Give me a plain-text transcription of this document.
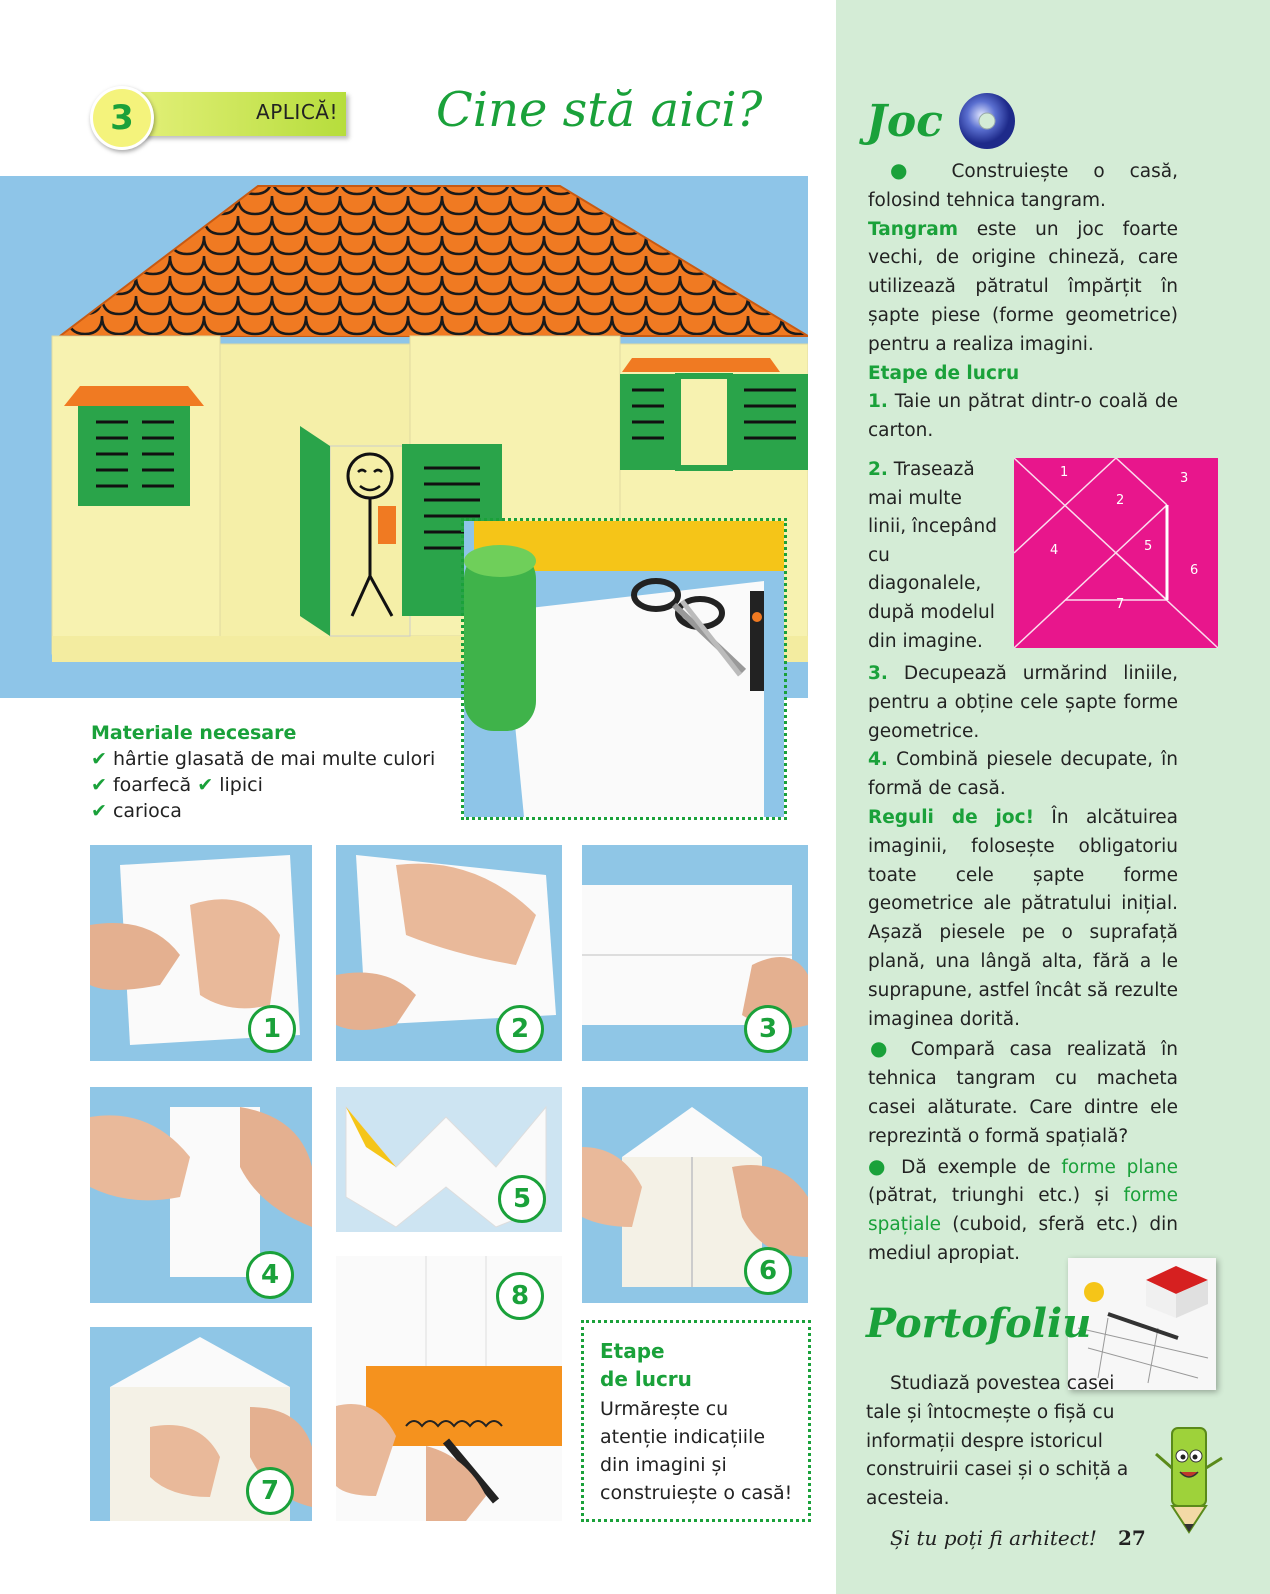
3	APLICĂ! Cine stă aici?
Materiale necesare
✔ hârtie glasată de mai multe culori ✔ foarfecă ✔ lipici
✔ carioca
1	2	3
4
5
6
7
8
Etape
de lucru
Urmărește cu atenție indicațiile din imagini și construiește o casă!
Joc
● Construiește o casă, folosind tehnica tangram.
Tangram este un joc foarte vechi, de origine chineză, care utilizează pătratul împărțit în șapte piese (forme geometrice) pentru a realiza imagini.
Etape de lucru
1. Taie un pătrat dintr-o coală de carton.
2. Trasează mai multe linii, începând cu diagonalele, după modelul din imagine.
1
2
3
4	5
6
7
3. Decupează urmărind liniile, pentru a obține cele șapte forme geometrice.
4. Combină piesele decupate, în formă de casă.
Reguli de joc! În alcătuirea imaginii, folosește obligatoriu toate cele șapte forme geometrice ale pătratului inițial. Așază piesele pe o suprafață plană, una lângă alta, fără a le suprapune, astfel încât să rezulte imaginea dorită.
● Compară casa realizată în tehnica tangram cu macheta casei alăturate. Care dintre ele reprezintă o formă spațială?
● Dă exemple de forme plane (pătrat, triunghi etc.) și forme spațiale (cuboid, sferă etc.) din mediul apropiat.
Portofoliu
Studiază povestea casei tale și întocmește o fișă cu informații despre istoricul construirii casei și o schiță a acesteia.
Și tu poți fi arhitect! 27
